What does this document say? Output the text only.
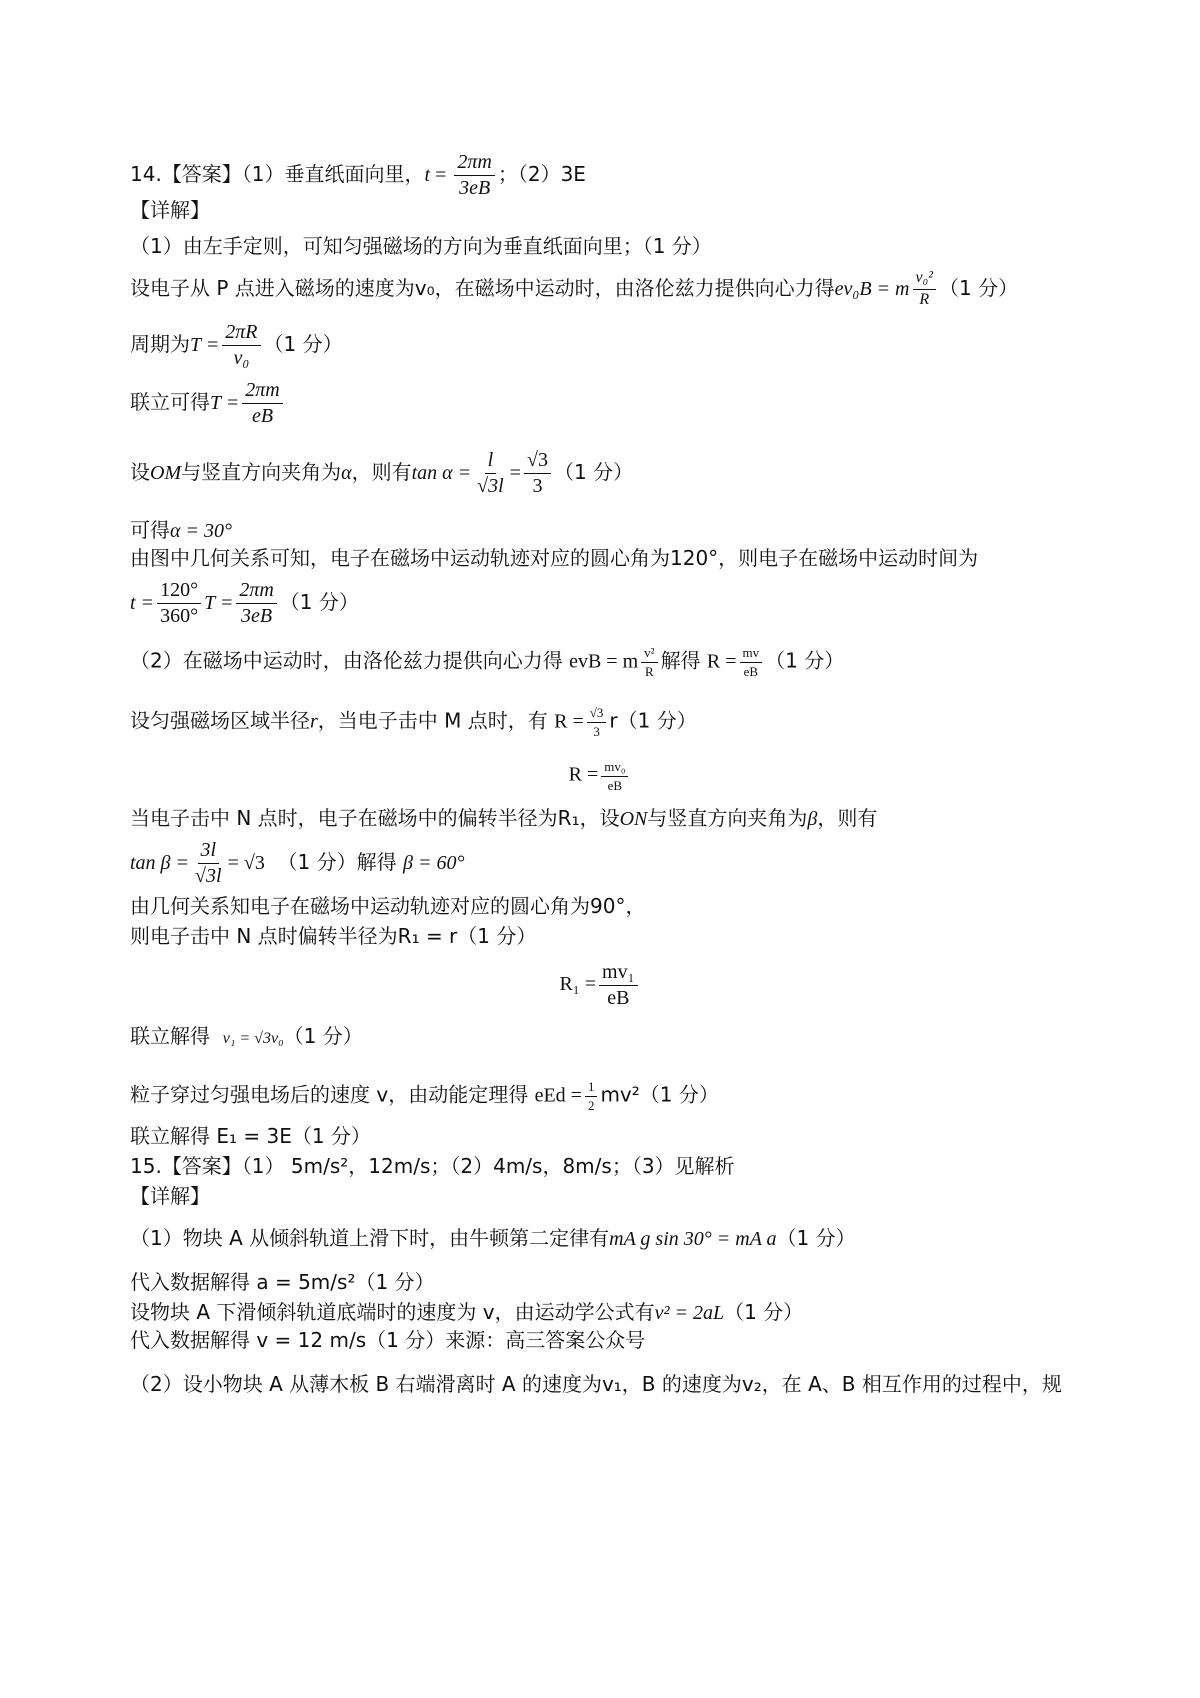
14.【答案】（1）垂直纸面向里，$t = \frac{2\pi m}{3eB}$ ；（2）3E
【详解】
（1）由左手定则，可知匀强磁场的方向为垂直纸面向里；（1 分）
设电子从 P 点进入磁场的速度为v₀，在磁场中运动时，由洛伦兹力提供向心力得ev₀B = m $\frac{\text{v₀²}}{R} (1$ 分）
周期为$T = \frac{2\pi R}{\text{v₀}} (1$ 分）
联立可得$T = \frac{2\pi m}{eB}$
设OM与竖直方向夹角为α，则有$\tan \alpha = \frac{l}{√3l} = \frac{√3}{3} (1$ 分）
可得α = 30°
由图中几何关系可知，电子在磁场中运动轨迹对应的圆心角为120°，则电子在磁场中运动时间为
$t = \frac{120^\circ}{360^\circ}$ $T = \frac{2\pi m}{3eB} (1$ 分）
（2）在磁场中运动时，由洛伦兹力提供向心力得 evB = m $\frac{\text{v²}}{R}$ 解得 $R = \frac{mv}{eB} (1$ 分）
设匀强磁场区域半径r，当电子击中 M 点时，有 $R = \frac{√3}{3} r(1$ 分）
$R = \frac{\text{mv₀}}{eB}$
当电子击中 N 点时，电子在磁场中的偏转半径为R₁，设ON与竖直方向夹角为β，则有
$\tan \beta = \frac{3l}{√3l} = √3$ （1 分）解得 β = 60°
由几何关系知电子在磁场中运动轨迹对应的圆心角为90°，
则电子击中 N 点时偏转半径为R₁ = r（1 分）
$R_1 = \frac{\text{mv₁}}{eB}$
联立解得 v₁ = √3v₀（1 分）
粒子穿过匀强电场后的速度 v，由动能定理得 eEd = $\frac{1}{2} mv^2(1$ 分）
联立解得 E₁ = 3E（1 分）
15.【答案】（1） 5m/s²，12m/s；（2）4m/s，8m/s；（3）见解析
【详解】
（1）物块 A 从倾斜轨道上滑下时，由牛顿第二定律有mA g sin 30° = mA a（1 分）
代入数据解得 a = 5m/s²（1 分）
设物块 A 下滑倾斜轨道底端时的速度为 v，由运动学公式有v² = 2aL（1 分）
代入数据解得 v = 12 m/s（1 分）来源：高三答案公众号
（2）设小物块 A 从薄木板 B 右端滑离时 A 的速度为v₁，B 的速度为v₂，在 A、B 相互作用的过程中，规
